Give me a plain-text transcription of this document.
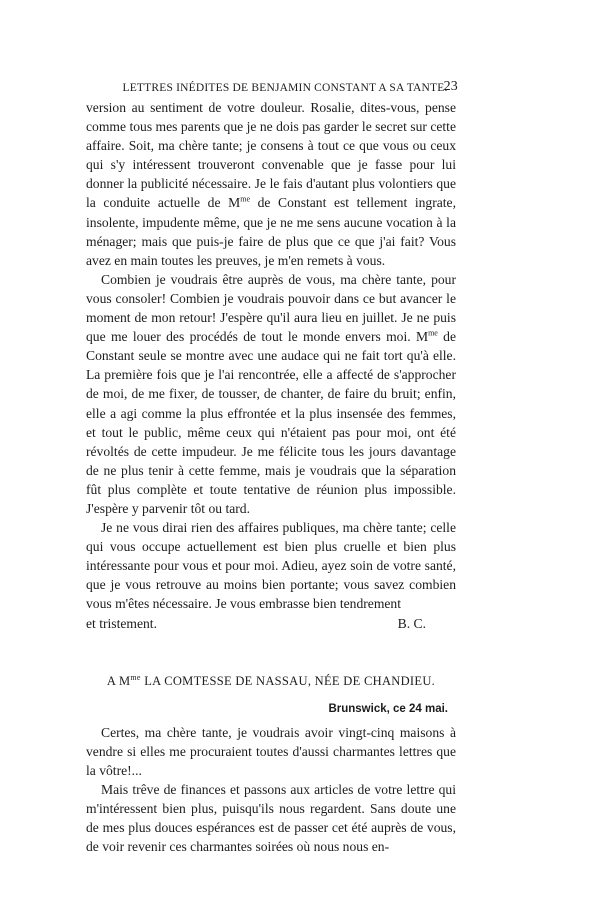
LETTRES INÉDITES DE BENJAMIN CONSTANT A SA TANTE.
23

version au sentiment de votre douleur. Rosalie, dites-vous, pense comme tous mes parents que je ne dois pas garder le secret sur cette affaire. Soit, ma chère tante; je consens à tout ce que vous ou ceux qui s'y intéressent trouveront convenable que je fasse pour lui donner la publicité nécessaire. Je le fais d'autant plus volontiers que la conduite actuelle de $M^{me}$ de Constant est tellement ingrate, insolente, impudente même, que je ne me sens aucune vocation à la ménager; mais que puis-je faire de plus que ce que j'ai fait? Vous avez en main toutes les preuves, je m'en remets à vous.

Combien je voudrais être auprès de vous, ma chère tante, pour vous consoler! Combien je voudrais pouvoir dans ce but avancer le moment de mon retour! J'espère qu'il aura lieu en juillet. Je ne puis que me louer des procédés de tout le monde envers moi. $M^{me}$ de Constant seule se montre avec une audace qui ne fait tort qu'à elle. La première fois que je l'ai rencontrée, elle a affecté de s'approcher de moi, de me fixer, de tousser, de chanter, de faire du bruit; enfin, elle a agi comme la plus effrontée et la plus insensée des femmes, et tout le public, même ceux qui n'étaient pas pour moi, ont été révoltés de cette impudeur. Je me félicite tous les jours davantage de ne plus tenir à cette femme, mais je voudrais que la séparation fût plus complète et toute tentative de réunion plus impossible. J'espère y parvenir tôt ou tard.

Je ne vous dirai rien des affaires publiques, ma chère tante; celle qui vous occupe actuellement est bien plus cruelle et bien plus intéressante pour vous et pour moi. Adieu, ayez soin de votre santé, que je vous retrouve au moins bien portante; vous savez combien vous m'êtes nécessaire. Je vous embrasse bien tendrement

et tristement.	B. C.
A $M^{me}$ LA COMTESSE DE NASSAU, NÉE DE CHANDIEU.
Brunswick, ce 24 mai.

Certes, ma chère tante, je voudrais avoir vingt-cinq maisons à vendre si elles me procuraient toutes d'aussi charmantes lettres que la vôtre!...

Mais trêve de finances et passons aux articles de votre lettre qui m'intéressent bien plus, puisqu'ils nous regardent. Sans doute une de mes plus douces espérances est de passer cet été auprès de vous, de voir revenir ces charmantes soirées où nous nous en-
